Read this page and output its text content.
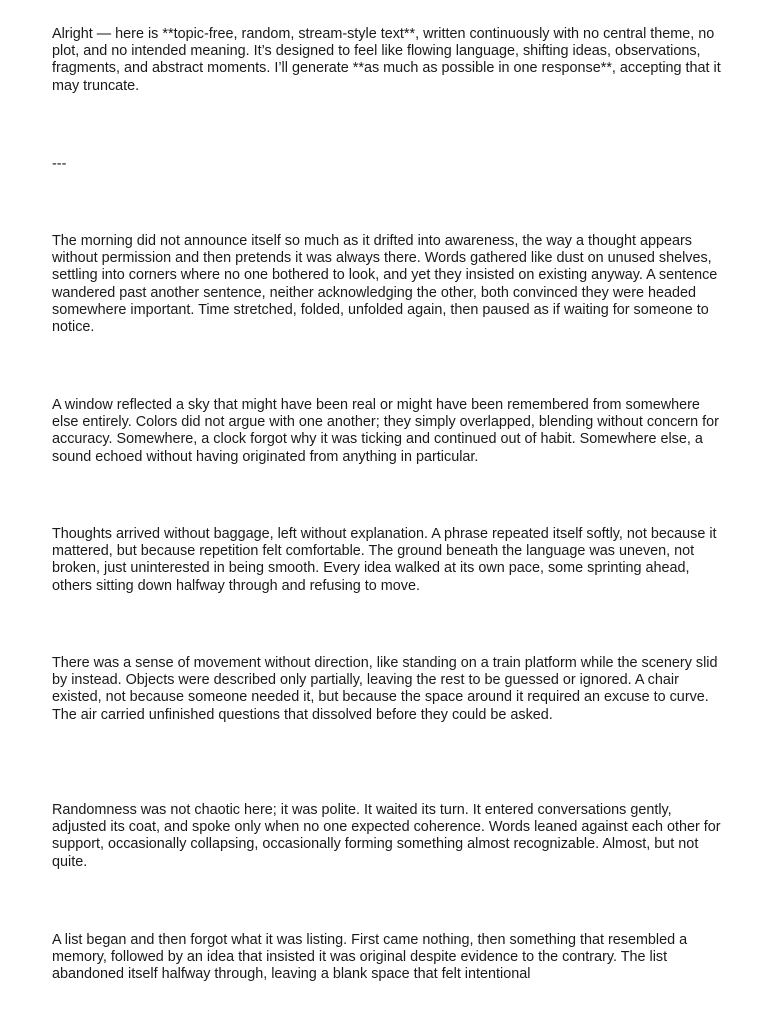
Alright — here is **topic-free, random, stream-style text**, written continuously with no central theme, no plot, and no intended meaning. It’s designed to feel like flowing language, shifting ideas, observations, fragments, and abstract moments. I’ll generate **as much as possible in one response**, accepting that it may truncate.

---

The morning did not announce itself so much as it drifted into awareness, the way a thought appears without permission and then pretends it was always there. Words gathered like dust on unused shelves, settling into corners where no one bothered to look, and yet they insisted on existing anyway. A sentence wandered past another sentence, neither acknowledging the other, both convinced they were headed somewhere important. Time stretched, folded, unfolded again, then paused as if waiting for someone to notice.

A window reflected a sky that might have been real or might have been remembered from somewhere else entirely. Colors did not argue with one another; they simply overlapped, blending without concern for accuracy. Somewhere, a clock forgot why it was ticking and continued out of habit. Somewhere else, a sound echoed without having originated from anything in particular.

Thoughts arrived without baggage, left without explanation. A phrase repeated itself softly, not because it mattered, but because repetition felt comfortable. The ground beneath the language was uneven, not broken, just uninterested in being smooth. Every idea walked at its own pace, some sprinting ahead, others sitting down halfway through and refusing to move.

There was a sense of movement without direction, like standing on a train platform while the scenery slid by instead. Objects were described only partially, leaving the rest to be guessed or ignored. A chair existed, not because someone needed it, but because the space around it required an excuse to curve. The air carried unfinished questions that dissolved before they could be asked.

Randomness was not chaotic here; it was polite. It waited its turn. It entered conversations gently, adjusted its coat, and spoke only when no one expected coherence. Words leaned against each other for support, occasionally collapsing, occasionally forming something almost recognizable. Almost, but not quite.

A list began and then forgot what it was listing. First came nothing, then something that resembled a memory, followed by an idea that insisted it was original despite evidence to the contrary. The list abandoned itself halfway through, leaving a blank space that felt intentional
